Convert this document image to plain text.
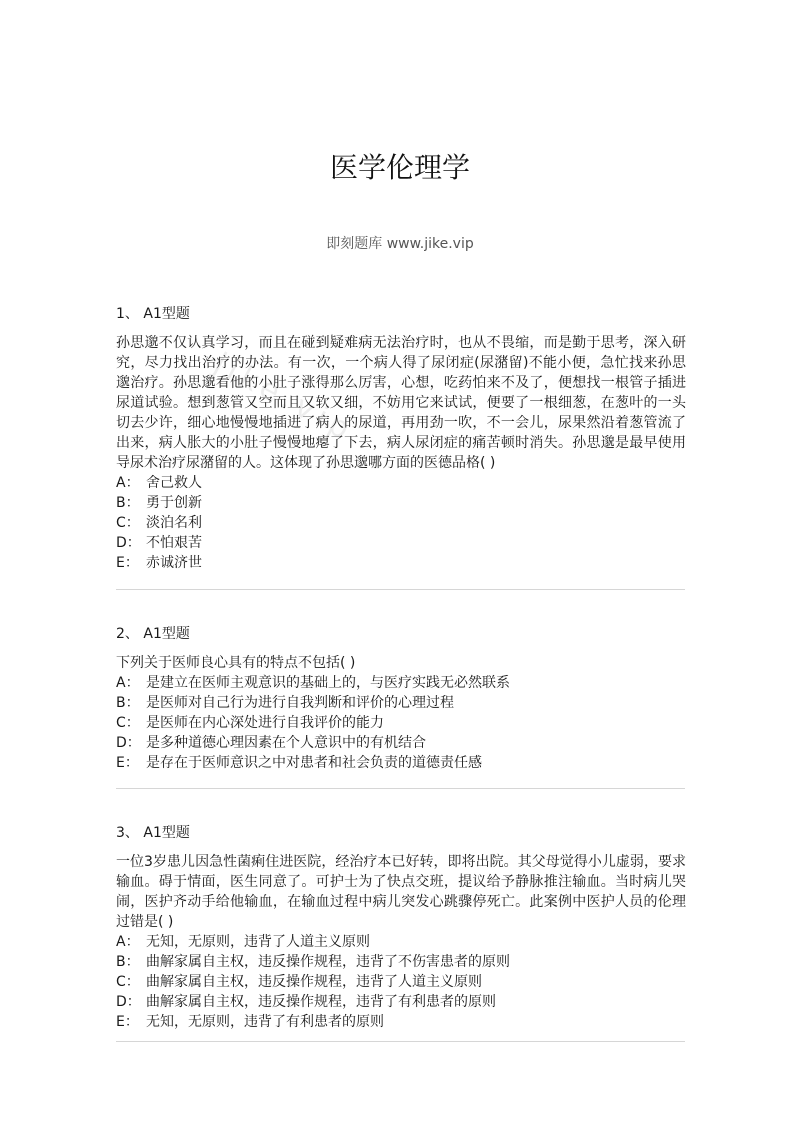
医学伦理学
即刻题库 www.jike.vip
jike.vip
1、 A1型题

孙思邈不仅认真学习，而且在碰到疑难病无法治疗时，也从不畏缩，而是勤于思考，深入研究，尽力找出治疗的办法。有一次，一个病人得了尿闭症(尿潴留)不能小便，急忙找来孙思邈治疗。孙思邈看他的小肚子涨得那么厉害，心想，吃药怕来不及了，便想找一根管子插进尿道试验。想到葱管又空而且又软又细，不妨用它来试试，便要了一根细葱，在葱叶的一头切去少许，细心地慢慢地插进了病人的尿道，再用劲一吹，不一会儿，尿果然沿着葱管流了出来，病人胀大的小肚子慢慢地瘪了下去，病人尿闭症的痛苦顿时消失。孙思邈是最早使用导尿术治疗尿潴留的人。这体现了孙思邈哪方面的医德品格( )

A： 舍己救人
B： 勇于创新
C： 淡泊名利
D： 不怕艰苦
E： 赤诚济世
2、 A1型题

下列关于医师良心具有的特点不包括( )

A： 是建立在医师主观意识的基础上的，与医疗实践无必然联系
B： 是医师对自己行为进行自我判断和评价的心理过程
C： 是医师在内心深处进行自我评价的能力
D： 是多种道德心理因素在个人意识中的有机结合
E： 是存在于医师意识之中对患者和社会负责的道德责任感
3、 A1型题

一位3岁患儿因急性菌痢住进医院，经治疗本已好转，即将出院。其父母觉得小儿虚弱，要求输血。碍于情面，医生同意了。可护士为了快点交班，提议给予静脉推注输血。当时病儿哭闹，医护齐动手给他输血，在输血过程中病儿突发心跳骤停死亡。此案例中医护人员的伦理过错是( )

A： 无知，无原则，违背了人道主义原则
B： 曲解家属自主权，违反操作规程，违背了不伤害患者的原则
C： 曲解家属自主权，违反操作规程，违背了人道主义原则
D： 曲解家属自主权，违反操作规程，违背了有利患者的原则
E： 无知，无原则，违背了有利患者的原则
